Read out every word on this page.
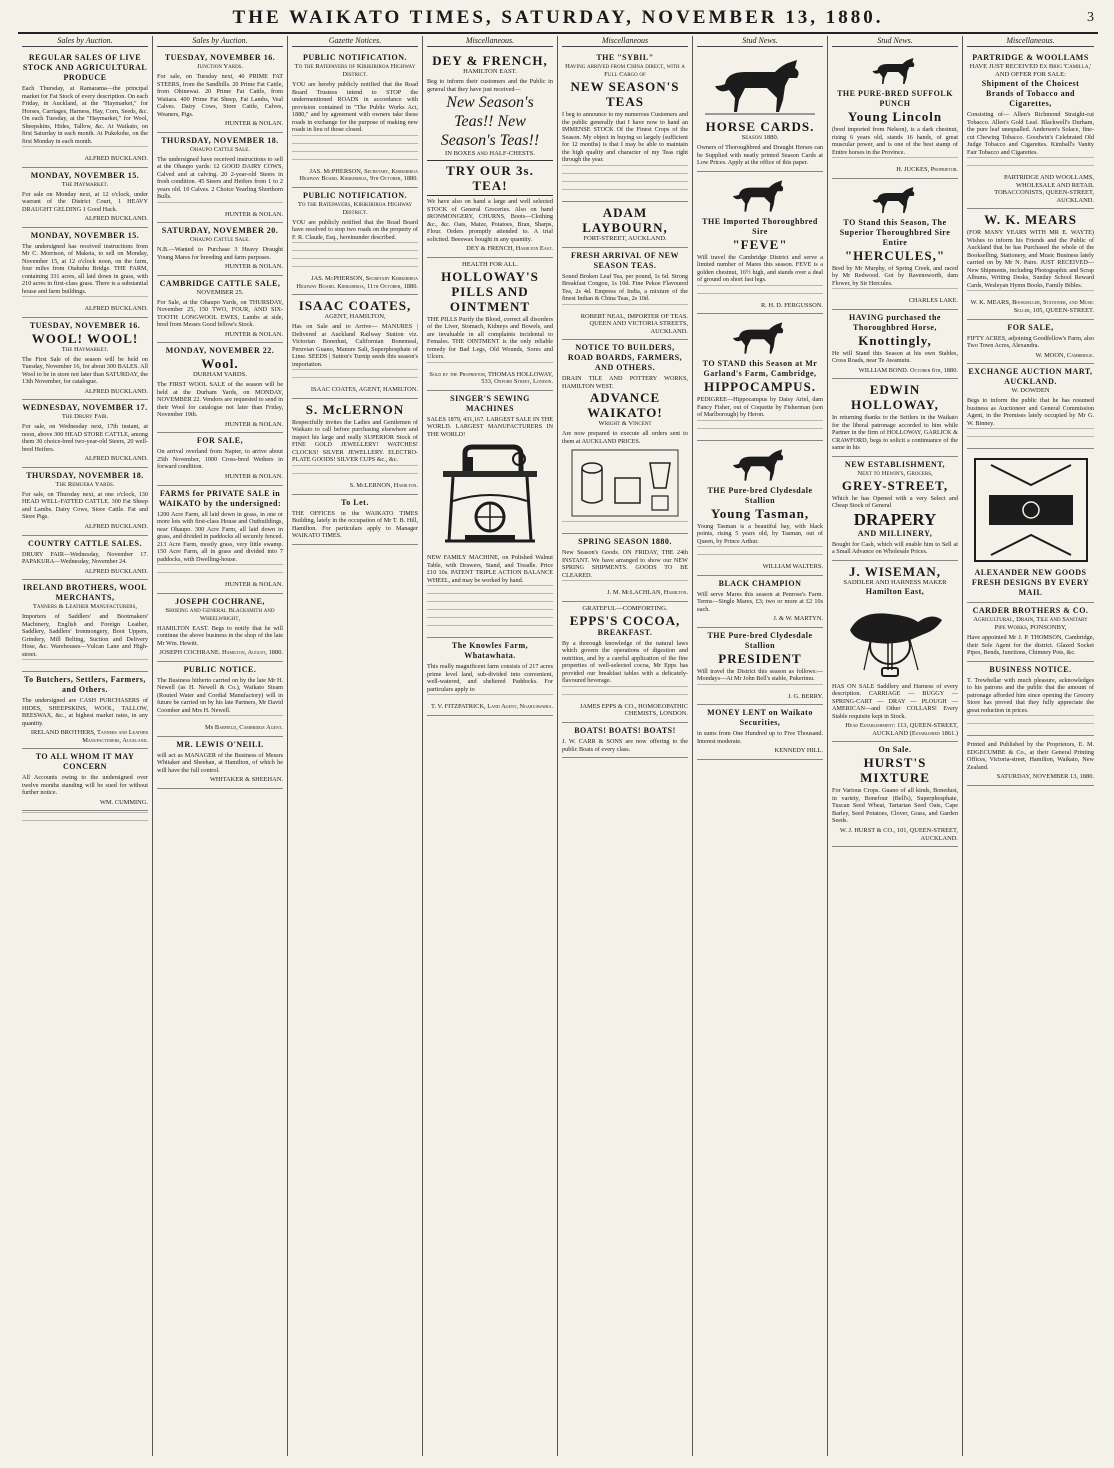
THE WAIKATO TIMES, SATURDAY, NOVEMBER 13, 1880.	3
Sales by Auction.
REGULAR SALES OF LIVE STOCK AND AGRICULTURAL PRODUCE
Each Thursday, at Ramarama—the principal market for Fat Stock of every description. On each Friday, in Auckland, at the "Haymarket," for Horses, Carriages, Harness, Hay, Corn, Seeds, &c. On each Tuesday, at the "Haymarket," for Wool, Sheepskins, Hides, Tallow, &c. At Waikato, on first Saturday in each month. At Pukekohe, on the first Monday in each month.
ALFRED BUCKLAND.
MONDAY, NOVEMBER 15.
The Haymarket.
For sale on Monday next, at 12 o'clock, under warrant of the District Court, 1 HEAVY DRAUGHT GELDING 1 Good Hack.
ALFRED BUCKLAND.
MONDAY, NOVEMBER 15.
The undersigned has received instructions from Mr C. Morrison, of Makeia, to sell on Monday, November 15, at 12 o'clock noon, on the farm, four miles from Otahuhu Bridge. THE FARM, containing 331 acres, all laid down in grass, with 210 acres in first-class grass. There is a substantial house and farm buildings.
ALFRED BUCKLAND.
TUESDAY, NOVEMBER 16.
WOOL! WOOL!
The Haymarket.
The First Sale of the season will be held on Tuesday, November 16, for about 300 BALES. All Wool to be in store not later than SATURDAY, the 13th November, for catalogue.
ALFRED BUCKLAND.
WEDNESDAY, NOVEMBER 17.
The Drury Fair.
For sale, on Wednesday next, 17th instant, at noon, above 300 HEAD STORE CATTLE, among them 30 choice-bred two-year-old Steers, 20 well-bred Heifers.
ALFRED BUCKLAND.
THURSDAY, NOVEMBER 18.
The Remuera Yards.
For sale, on Thursday next, at one o'clock, 130 HEAD WELL-FATTED CATTLE. 300 Fat Sheep and Lambs. Dairy Cows, Store Cattle. Fat and Store Pigs.
ALFRED BUCKLAND.
COUNTRY CATTLE SALES.
DRURY FAIR—Wednesday, November 17. PAPAKURA—Wednesday, November 24.
ALFRED BUCKLAND.
IRELAND BROTHERS, WOOL MERCHANTS,
Tanners & Leather Manufacturers,
Importers of Saddlers' and Bootmakers' Machinery, English and Foreign Leather, Saddlery, Saddlers' Ironmongery, Boot Uppers, Grindery, Mill Belting, Suction and Delivery Hose, &c. Warehouses—Vulcan Lane and High-street.
To Butchers, Settlers, Farmers, and Others.
The undersigned are CASH PURCHASERS of HIDES, SHEEPSKINS, WOOL, TALLOW, BEESWAX, &c., at highest market rates, in any quantity.
IRELAND BROTHERS, Tanners and Leather Manufacturers, Auckland.
TO ALL WHOM IT MAY CONCERN
All Accounts owing to the undersigned over twelve months standing will be sued for without further notice.
WM. CUMMING.
Sales by Auction.
TUESDAY, NOVEMBER 16.
Junction Yards.
For sale, on Tuesday next, 40 PRIME FAT STEERS, from the Sandhills. 20 Prime Fat Cattle, from Ohinewai. 20 Prime Fat Cattle, from Waitara. 400 Prime Fat Sheep, Fat Lambs, Veal Calves. Dairy Cows, Store Cattle, Calves, Weaners, Pigs.
HUNTER & NOLAN.
THURSDAY, NOVEMBER 18.
Ohaupo Cattle Sale.
The undersigned have received instructions to sell at the Ohaupo yards: 12 GOOD DAIRY COWS, Calved and at calving. 20 2-year-old Steers in fresh condition. 45 Steers and Heifers from 1 to 2 years old. 10 Calves. 2 Choice Yearling Shorthorn Bulls.
HUNTER & NOLAN.
SATURDAY, NOVEMBER 20.
Ohaupo Cattle Sale.
N.B.—Wanted to Purchase 3 Heavy Draught Young Mares for breeding and farm purposes.
HUNTER & NOLAN.
CAMBRIDGE CATTLE SALE,
NOVEMBER 25.
For Sale, at the Ohaupo Yards, on THURSDAY, November 25, 150 TWO, FOUR, AND SIX-TOOTH LONGWOOL EWES, Lambs at side, bred from Messrs Good fellow's Stock.
HUNTER & NOLAN.
MONDAY, NOVEMBER 22.
Wool.
DURHAM YARDS.
The FIRST WOOL SALE of the season will be held at the Durham Yards, on MONDAY, NOVEMBER 22. Vendors are requested to send in their Wool for catalogue not later than Friday, November 19th.
HUNTER & NOLAN.
FOR SALE,
On arrival overland from Napier, to arrive about 25th November, 1000 Cross-bred Wethers in forward condition.
HUNTER & NOLAN.
FARMS for PRIVATE SALE in WAIKATO by the undersigned:
1200 Acre Farm, all laid down in grass, in one or more lots with first-class House and Outbuildings, near Ohaupo. 300 Acre Farm, all laid down in grass, and divided in paddocks all securely fenced. 213 Acre Farm, mostly grass, very little swamp. 150 Acre Farm, all in grass and divided into 7 paddocks, with Dwelling-house.
HUNTER & NOLAN.
JOSEPH COCHRANE,
Shoeing and General Blacksmith and Wheelwright,
HAMILTON EAST. Begs to notify that he will continue the above business in the shop of the late Mr Wm. Hewitt.
JOSEPH COCHRANE. Hamilton, August, 1880.
PUBLIC NOTICE.
The Business hitherto carried on by the late Mr H. Newell (as H. Newell & Co.), Waikato Steam (Routed Water and Cordial Manufactory) will in future be carried on by his late Partners, Mr David Coomber and Mrs H. Newell.
Mr Barfield, Cambridge Agent.
MR. LEWIS O'NEILL
will act as MANAGER of the Business of Messrs Whitaker and Sheehan, at Hamilton, of which he will have the full control.
WHITAKER & SHEEHAN.
Gazette Notices.
PUBLIC NOTIFICATION.
To the Ratepayers of Kirikiriroa Highway District.
YOU are hereby publicly notified that the Road Board Trustees intend to STOP the undermentioned ROADS in accordance with provision contained in "The Public Works Act, 1880," and by agreement with owners take these roads in exchange for the purpose of making new roads in lieu of those closed.
JAS. McPHERSON, Secretary, Kirikiriroa Highway Board. Kirikiriroa, 9th October, 1880.
PUBLIC NOTIFICATION.
To the Ratepayers, Kirikiriroa Highway District.
YOU are publicly notified that the Road Board have resolved to stop two roads on the property of F. R. Claude, Esq., hereinunder described.
JAS. McPHERSON, Secretary Kirikiriroa Highway Board. Kirikiriroa, 11th October, 1880.
ISAAC COATES,
AGENT, HAMILTON,
Has on Sale and to Arrive— MANURES | Delivered at Auckland Railway Station viz. Victorian Bonedust, Californian Bonemeal, Peruvian Guano, Manure Salt, Superphosphate of Lime. SEEDS | Sutton's Turnip seeds this season's importation.
ISAAC COATES, AGENT, HAMILTON.
S. McLERNON
Respectfully invites the Ladies and Gentlemen of Waikato to call before purchasing elsewhere and inspect his large and really SUPERIOR Stock of FINE GOLD JEWELLERY! WATCHES! CLOCKS! SILVER JEWELLERY. ELECTRO-PLATE GOODS! SILVER CUPS &c., &c.
S. McLERNON, Hamilton.
To Let.
THE OFFICES in the WAIKATO TIMES Building, lately in the occupation of Mr T. B. Hill, Hamilton. For particulars apply to Manager WAIKATO TIMES.
Miscellaneous.
DEY & FRENCH,
HAMILTON EAST.
Beg to inform their customers and the Public in general that they have just received—
New Season's Teas!! New Season's Teas!!
IN BOXES and HALF-CHESTS.
TRY OUR 3s. TEA!
We have also on hand a large and well selected STOCK of General Groceries. Also on hand IRONMONGERY, CHURNS, Boots—Clothing &c., &c. Oats, Maize, Potatoes, Bran, Sharps, Flour. Orders promptly attended to. A trial solicited. Beeswax bought in any quantity.
DEY & FRENCH, Hamilton East.
HEALTH FOR ALL.
HOLLOWAY'S PILLS AND OINTMENT
THE PILLS Purify the Blood, correct all disorders of the Liver, Stomach, Kidneys and Bowels, and are invaluable in all complaints incidental to Females. THE OINTMENT is the only reliable remedy for Bad Legs, Old Wounds, Sores and Ulcers.
Sold by the Proprietor, THOMAS HOLLOWAY, 533, Oxford Street, London.
SINGER'S SEWING MACHINES
SALES 1879, 431,167. LARGEST SALE IN THE WORLD. LARGEST MANUFACTURERS IN THE WORLD!
NEW FAMILY MACHINE, on Polished Walnut Table, with Drawers, Stand, and Treadle. Price £10 10s. PATENT TRIPLE ACTION BALANCE WHEEL, and may be worked by hand.
The Knowles Farm, Whatawhata.
This really magnificent farm consists of 217 acres prime level land, sub-divided into convenient, well-watered, and sheltered Paddocks. For particulars apply to
T. V. FITZPATRICK, Land Agent, Ngaruawahia.
Miscellaneous
THE "SYBIL"
Having arrived from China direct, with a Full Cargo of
NEW SEASON'S TEAS
I beg to announce to my numerous Customers and the public generally that I have now to hand an IMMENSE STOCK Of the Finest Crops of the Season. My object in buying so largely (sufficient for 12 months) is that I may be able to maintain the high quality and character of my Teas right through the year.
ADAM LAYBOURN,
FORT-STREET, AUCKLAND.
FRESH ARRIVAL OF NEW SEASON TEAS.
Sound Broken Leaf Tea, per pound, 1s 6d. Strong Breakfast Congou, 1s 10d. Fine Pekoe Flavoured Tea, 2s 4d. Empress of India, a mixture of the finest Indian & China Teas, 2s 10d.
ROBERT NEAL, IMPORTER OF TEAS. QUEEN AND VICTORIA STREETS, AUCKLAND.
NOTICE TO BUILDERS, ROAD BOARDS, FARMERS, AND OTHERS.
DRAIN TILE AND POTTERY WORKS, HAMILTON WEST.
ADVANCE WAIKATO!
Wright & Vincent
Are now prepared to execute all orders sent to them at AUCKLAND PRICES.
SPRING SEASON 1880.
New Season's Goods. ON FRIDAY, THE 24th INSTANT. We have arranged to show our NEW SPRING SHIPMENTS. GOODS TO BE CLEARED.
J. M. McLACHLAN, Hamilton.
GRATEFUL—COMFORTING.
EPPS'S COCOA,
BREAKFAST.
By a thorough knowledge of the natural laws which govern the operations of digestion and nutrition, and by a careful application of the fine properties of well-selected cocoa, Mr Epps has provided our breakfast tables with a delicately-flavoured beverage.
JAMES EPPS & CO., HOMOEOPATHIC CHEMISTS, LONDON.
BOATS! BOATS! BOATS!
J. W. CARR & SONS are now offering to the public Boats of every class.
Stud News.
HORSE CARDS.
Season 1880.
Owners of Thoroughbred and Draught Horses can be Supplied with neatly printed Season Cards at Low Prices. Apply at the office of this paper.
THE Imported Thoroughbred Sire
"FEVE"
Will travel the Cambridge District and serve a limited number of Mares this season. FEVE is a golden chestnut, 16½ high, and stands over a deal of ground on short fast legs.
R. H. D. FERGUSSON.
TO STAND this Season at Mr Garland's Farm, Cambridge,
HIPPOCAMPUS.
PEDIGREE—Hippocampus by Daisy Ariel, dam Fancy Fisher, out of Coquette by Fisherman (son of Marlborough) by Heron.
THE Pure-bred Clydesdale Stallion
Young Tasman,
Young Tasman is a beautiful bay, with black points, rising 5 years old, by Tasman, out of Queen, by Prince Arthur.
WILLIAM WALTERS.
BLACK CHAMPION
Will serve Mares this season at Penrose's Farm. Terms—Single Mares, £3; two or more at £2 10s each.
J. & W. MARTYN.
THE Pure-bred Clydesdale Stallion
PRESIDENT
Will travel the District this season as follows:— Mondays—At Mr John Bell's stable, Pukerimu.
J. G. BERRY.
MONEY LENT on Waikato Securities,
in sums from One Hundred up to Five Thousand. Interest moderate.
KENNEDY HILL.
Stud News.
THE PURE-BRED SUFFOLK PUNCH
Young Lincoln
(bred imported from Nelson), is a dark chestnut, rising 6 years old, stands 16 hands, of great muscular power, and is one of the best stamp of Entire horses in the Province.
H. JUCKES, Proprietor.
TO Stand this Season, The Superior Thoroughbred Sire Entire
"HERCULES,"
Bred by Mr Murphy, of Spring Creek, and raced by Mr Redwood. Got by Ravensworth, dam Flower, by Sir Hercules.
CHARLES LAKE.
HAVING purchased the Thoroughbred Horse,
Knottingly,
He will Stand this Season at his own Stables, Cross Roads, near Te Awamutu.
WILLIAM BOND. October 6th, 1880.
EDWIN HOLLOWAY,
In returning thanks to the Settlers in the Waikato for the liberal patronage accorded to him while Partner in the firm of HOLLOWAY, GARLICK & CRAWFORD, begs to solicit a continuance of the same in his
NEW ESTABLISHMENT,
Next to Hewin's, Grocers,
GREY-STREET,
Which he has Opened with a very Select and Cheap Stock of General
DRAPERY
AND MILLINERY,
Bought for Cash, which will enable him to Sell at a Small Advance on Wholesale Prices.
J. WISEMAN,
SADDLER AND HARNESS MAKER
Hamilton East,
HAS ON SALE Saddlery and Harness of every description. CARRIAGE — BUGGY — SPRING-CART — DRAY — PLOUGH — AMERICAN—and Other COLLARS! Every Stable requisite kept in Stock.
Head Establishment: 113, QUEEN-STREET, AUCKLAND (Established 1861.)
On Sale.
HURST'S MIXTURE
For Various Crops. Guano of all kinds, Bonedust, in variety, Bonefour (Bell's), Superphosphate, Tuscan Seed Wheat, Tartarian Seed Oats, Cape Barley, Seed Potatoes, Clover, Grass, and Garden Seeds.
W. J. HURST & CO., 101, QUEEN-STREET, AUCKLAND.
Miscellaneous.
PARTRIDGE & WOOLLAMS
HAVE JUST RECEIVED Ex Brig 'Camilla,' AND OFFER FOR SALE:
Shipment of the Choicest Brands of Tobacco and Cigarettes,
Consisting of— Allen's Richmond Straight-cut Tobacco. Allen's Gold Leaf. Blackwell's Durham, the pure leaf unequalled. Anderson's Solace, fine-cut Chewing Tobacco. Goodwin's Celebrated Old Judge Tobacco and Cigarettes. Kimball's Vanity Fair Tobacco and Cigarettes.
PARTRIDGE AND WOOLLAMS, WHOLESALE AND RETAIL TOBACCONISTS, QUEEN-STREET, AUCKLAND.
W. K. MEARS
(FOR MANY YEARS WITH MR E. WAYTE) Wishes to inform his Friends and the Public of Auckland that he has Purchased the whole of the Bookselling, Stationery, and Music Business lately carried on by Mr N. Pairs. JUST RECEIVED— New Shipments, including Photographic and Scrap Albums, Writing Desks, Sunday School Reward Cards, Wesleyan Hymn Books, Family Bibles.
W. K. MEARS, Bookseller, Stationer, and Music Seller, 105, QUEEN-STREET.
FOR SALE,
FIFTY ACRES, adjoining Goodfellow's Farm, also Two Town Acres, Alexandra.
W. MOON, Cambridge.
EXCHANGE AUCTION MART, AUCKLAND.
W. DOWDEN
Begs to inform the public that he has resumed business as Auctioneer and General Commission Agent, in the Premises lately occupied by Mr G. W. Binney.
ALEXANDER NEW GOODS FRESH DESIGNS BY EVERY MAIL
CARDER BROTHERS & CO.
Agricultural, Drain, Tile and Sanitary Pipe Works, PONSONBY,
Have appointed Mr J. P. THOMSON, Cambridge, their Sole Agent for the district. Glazed Socket Pipes, Bends, Junctions, Chimney Pots, &c.
BUSINESS NOTICE.
T. Trewhellar with much pleasure, acknowledges to his patrons and the public that the amount of patronage afforded him since opening the Grocery Store has proved that they fully appreciate the great reduction in prices.
Printed and Published by the Proprietors, E. M. EDGECUMBE & Co., at their General Printing Offices, Victoria-street, Hamilton, Waikato, New Zealand.
SATURDAY, NOVEMBER 13, 1880.
